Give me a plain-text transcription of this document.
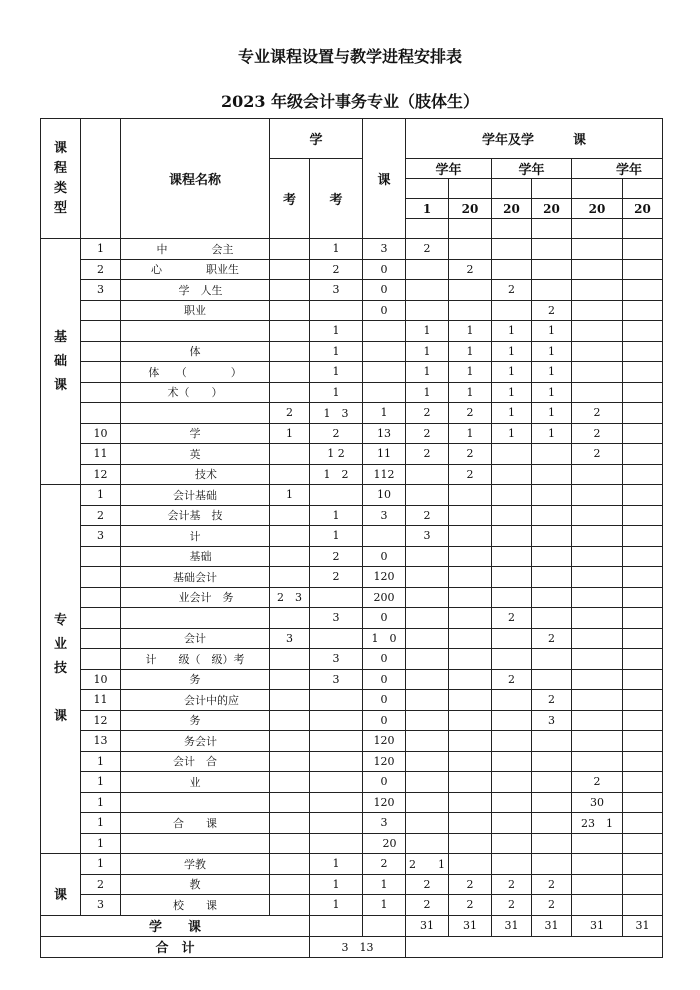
专业课程设置与教学进程安排表
2023 年级会计事务专业（肢体生）
课
程
类
型		课程名称	学		课	学年及学　　　课					
			考	考		学年		学年		学年	

						1	20	20	20	20	20

基
础
课	1	中　　　　会主		1	3	2					
	2	心　　　　职业生		2	0		2				
	3	　学　人生		3	0			2			
		职业			0				2		
				1		1	1	1	1		
		体		1		1	1	1	1		
		体　　（　　　　）		1		1	1	1	1		
		术（　　）		1		1	1	1	1		
			2	1　3	1	2	2	1	1	2	
	10	学	1	2	13	2	1	1	1	2	
	11	英		1 2	11	2	2			2	
	12	　　技术		1　2	112		2				
专
业
技

课	1	会计基础	1		10						
	2	会计基　技		1	3	2					
	3	计		1		3					
		　基础		2	0						
		基础会计		2	120						
		　　业会计　务	2　3		200						
				3	0			2			
		会计	3		1　0				2		
		计　　级（　级）考		3	0						
	10	务		3	0			2			
	11	　　　会计中的应			0				2		
	12	务			0				3		
	13	　务会计			120						
	1	会计　合			120						
	1	业			0					2	
	1				120					30	
	1	合　　课			3					23　1	
	1				　20						

课	1	学教		1	2	2　　1					
	2	教		1	1	2	2	2	2		
	3	校　　课		1	1	2	2	2	2		
学　　课						31	31	31	31	31	31
合　计				3　13							
